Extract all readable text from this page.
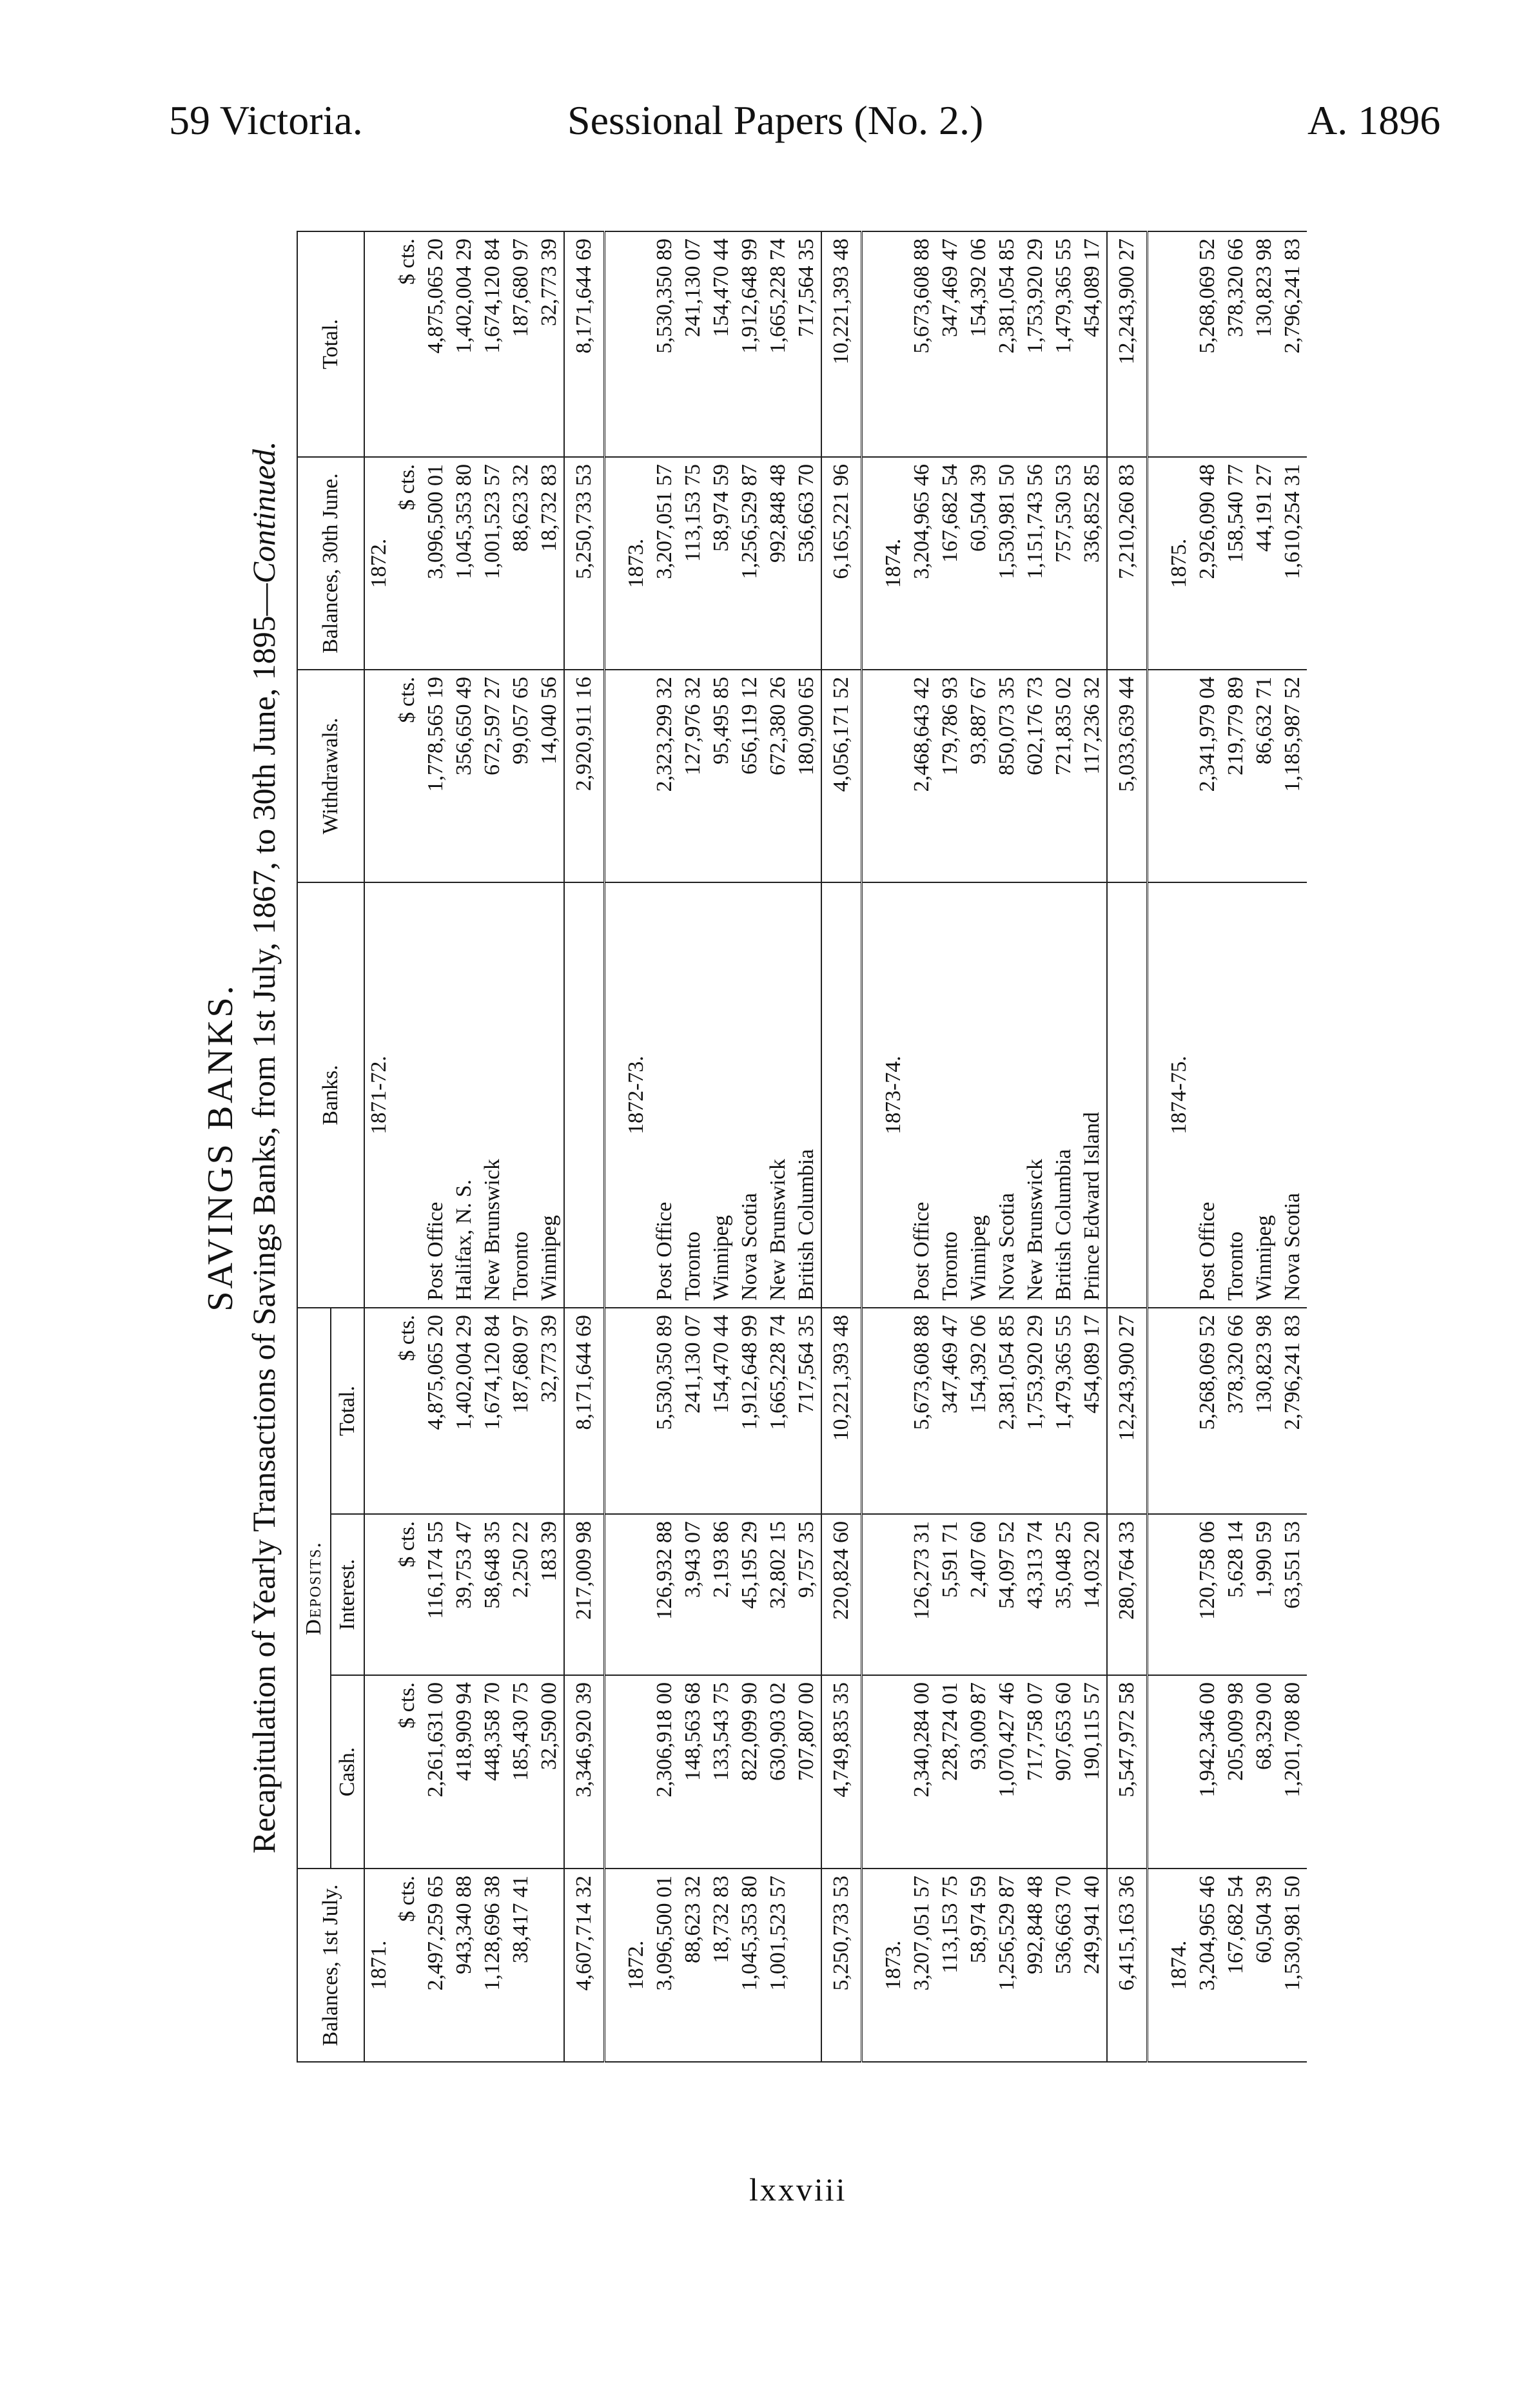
59 Victoria.	Sessional Papers (No. 2.)	A. 1896
SAVINGS BANKS. Recapitulation of Yearly Transactions of Savings Banks, from 1st July, 1867, to 30th June, 1895—Continued.
Balances, 1st July.	Deposits.			Banks.	Withdrawals.	Balances, 30th June.	Total.
	Cash.	Interest.	Total.				
1871.				1871-72.		1872.	
$ cts.	$ cts.	$ cts.	$ cts.		$ cts.	$ cts.	$ cts.
2,497,259 65	2,261,631 00	116,174 55	4,875,065 20	Post Office	1,778,565 19	3,096,500 01	4,875,065 20
943,340 88	418,909 94	39,753 47	1,402,004 29	Halifax, N. S.	356,650 49	1,045,353 80	1,402,004 29
1,128,696 38	448,358 70	58,648 35	1,674,120 84	New Brunswick	672,597 27	1,001,523 57	1,674,120 84
38,417 41	185,430 75	2,250 22	187,680 97	Toronto	99,057 65	88,623 32	187,680 97
	32,590 00	183 39	32,773 39	Winnipeg	14,040 56	18,732 83	32,773 39
4,607,714 32	3,346,920 39	217,009 98	8,171,644 69		2,920,911 16	5,250,733 53	8,171,644 69

1872.				1872-73.		1873.	
3,096,500 01	2,306,918 00	126,932 88	5,530,350 89	Post Office	2,323,299 32	3,207,051 57	5,530,350 89
88,623 32	148,563 68	3,943 07	241,130 07	Toronto	127,976 32	113,153 75	241,130 07
18,732 83	133,543 75	2,193 86	154,470 44	Winnipeg	95,495 85	58,974 59	154,470 44
1,045,353 80	822,099 90	45,195 29	1,912,648 99	Nova Scotia	656,119 12	1,256,529 87	1,912,648 99
1,001,523 57	630,903 02	32,802 15	1,665,228 74	New Brunswick	672,380 26	992,848 48	1,665,228 74
	707,807 00	9,757 35	717,564 35	British Columbia	180,900 65	536,663 70	717,564 35
5,250,733 53	4,749,835 35	220,824 60	10,221,393 48		4,056,171 52	6,165,221 96	10,221,393 48

1873.				1873-74.		1874.	
3,207,051 57	2,340,284 00	126,273 31	5,673,608 88	Post Office	2,468,643 42	3,204,965 46	5,673,608 88
113,153 75	228,724 01	5,591 71	347,469 47	Toronto	179,786 93	167,682 54	347,469 47
58,974 59	93,009 87	2,407 60	154,392 06	Winnipeg	93,887 67	60,504 39	154,392 06
1,256,529 87	1,070,427 46	54,097 52	2,381,054 85	Nova Scotia	850,073 35	1,530,981 50	2,381,054 85
992,848 48	717,758 07	43,313 74	1,753,920 29	New Brunswick	602,176 73	1,151,743 56	1,753,920 29
536,663 70	907,653 60	35,048 25	1,479,365 55	British Columbia	721,835 02	757,530 53	1,479,365 55
249,941 40	190,115 57	14,032 20	454,089 17	Prince Edward Island	117,236 32	336,852 85	454,089 17
6,415,163 36	5,547,972 58	280,764 33	12,243,900 27		5,033,639 44	7,210,260 83	12,243,900 27

1874.				1874-75.		1875.	
3,204,965 46	1,942,346 00	120,758 06	5,268,069 52	Post Office	2,341,979 04	2,926,090 48	5,268,069 52
167,682 54	205,009 98	5,628 14	378,320 66	Toronto	219,779 89	158,540 77	378,320 66
60,504 39	68,329 00	1,990 59	130,823 98	Winnipeg	86,632 71	44,191 27	130,823 98
1,530,981 50	1,201,708 80	63,551 53	2,796,241 83	Nova Scotia	1,185,987 52	1,610,254 31	2,796,241 83
lxxviii
